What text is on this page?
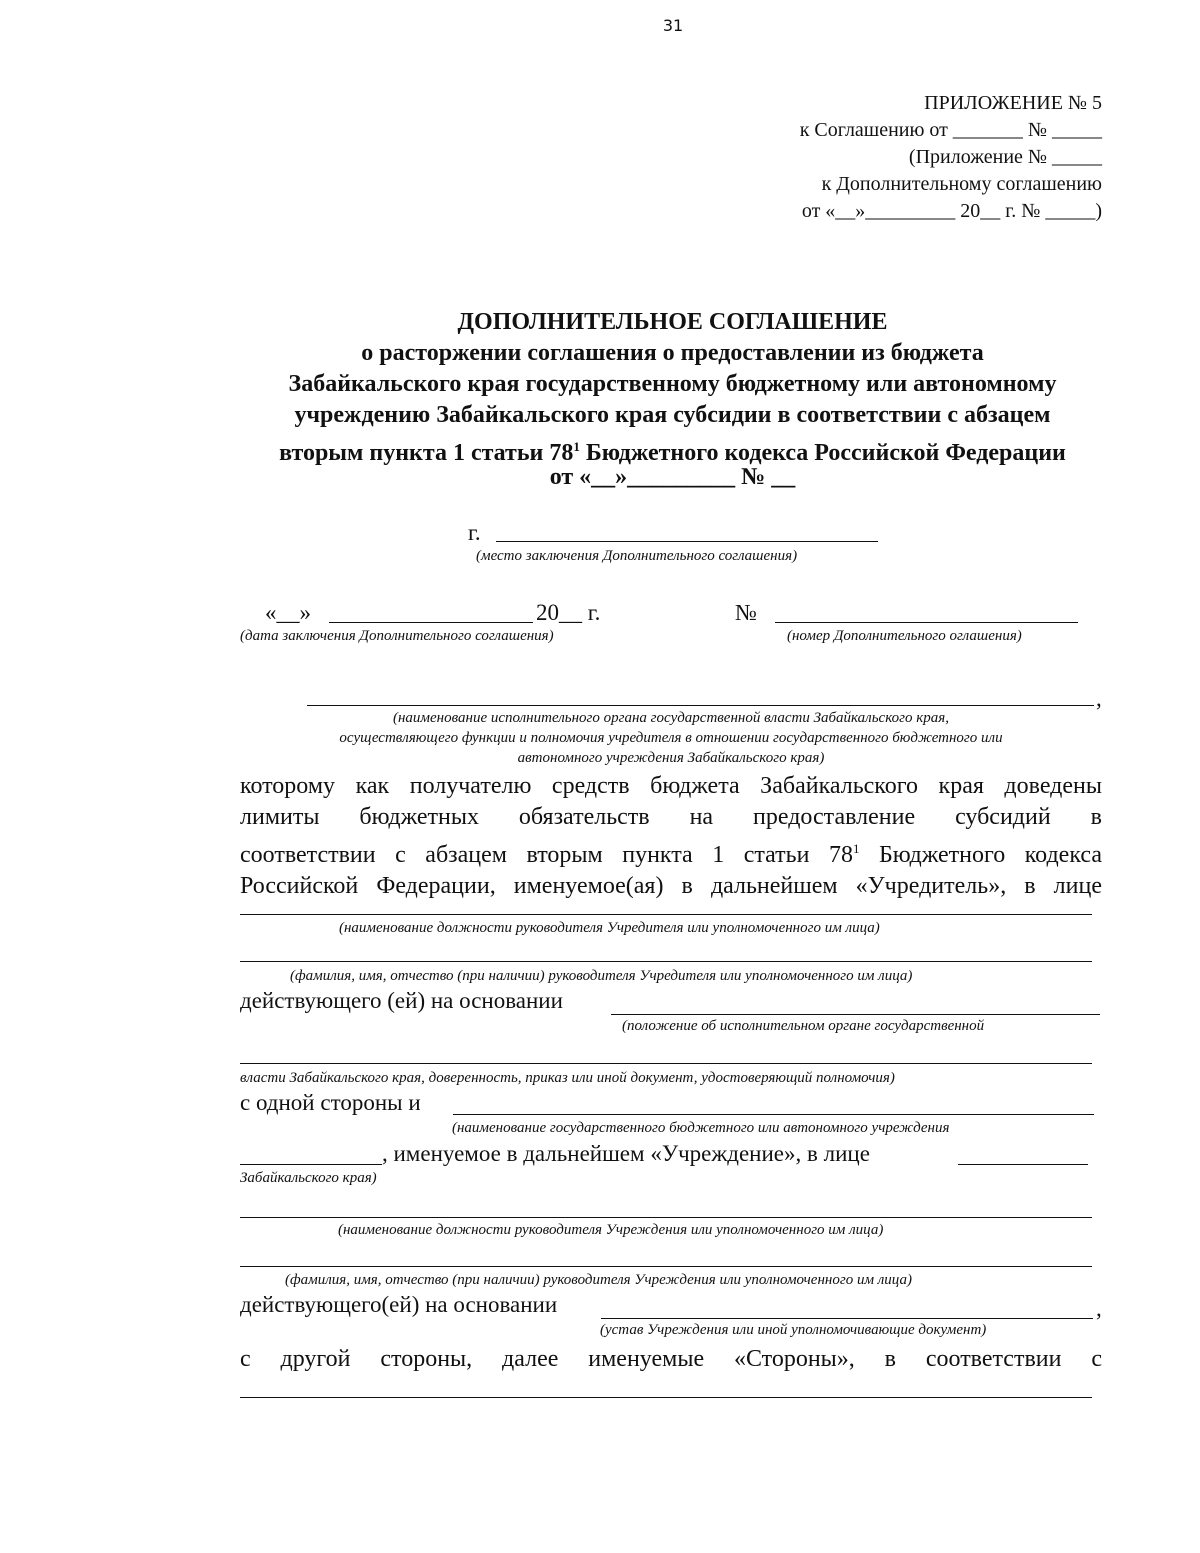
31
ПРИЛОЖЕНИЕ № 5
к Соглашению от _______ № _____
(Приложение № _____
к Дополнительному соглашению
от «__»_________ 20__ г. № _____)
ДОПОЛНИТЕЛЬНОЕ СОГЛАШЕНИЕ
о расторжении соглашения о предоставлении из бюджета
Забайкальского края государственному бюджетному или автономному
учреждению Забайкальского края субсидии в соответствии с абзацем
вторым пункта 1 статьи $78^1$ Бюджетного кодекса Российской Федерации
от «__»_________ № __
г.
(место заключения Дополнительного соглашения)
«__»	20__ г.
(дата заключения Дополнительного соглашения)
№
(номер Дополнительного оглашения)
,
(наименование исполнительного органа государственной власти Забайкальского края,
осуществляющего функции и полномочия учредителя в отношении государственного бюджетного или
автономного учреждения Забайкальского края)
которому как получателю средств бюджета Забайкальского края доведены
лимиты бюджетных обязательств на предоставление субсидий в
соответствии с абзацем вторым пункта 1 статьи $78^1$ Бюджетного кодекса
Российской Федерации, именуемое(ая) в дальнейшем «Учредитель», в лице
(наименование должности руководителя Учредителя или уполномоченного им лица)
(фамилия, имя, отчество (при наличии) руководителя Учредителя или уполномоченного им лица)
действующего (ей) на основании
(положение об исполнительном органе государственной
власти Забайкальского края, доверенность, приказ или иной документ, удостоверяющий полномочия)
с одной стороны и
(наименование государственного бюджетного или автономного учреждения
, именуемое в дальнейшем «Учреждение», в лице
Забайкальского края)
(наименование должности руководителя Учреждения или уполномоченного им лица)
(фамилия, имя, отчество (при наличии) руководителя Учреждения или уполномоченного им лица)
действующего(ей) на основании	,
(устав Учреждения или иной уполномочивающие документ)
с другой стороны, далее именуемые «Стороны», в соответствии с
